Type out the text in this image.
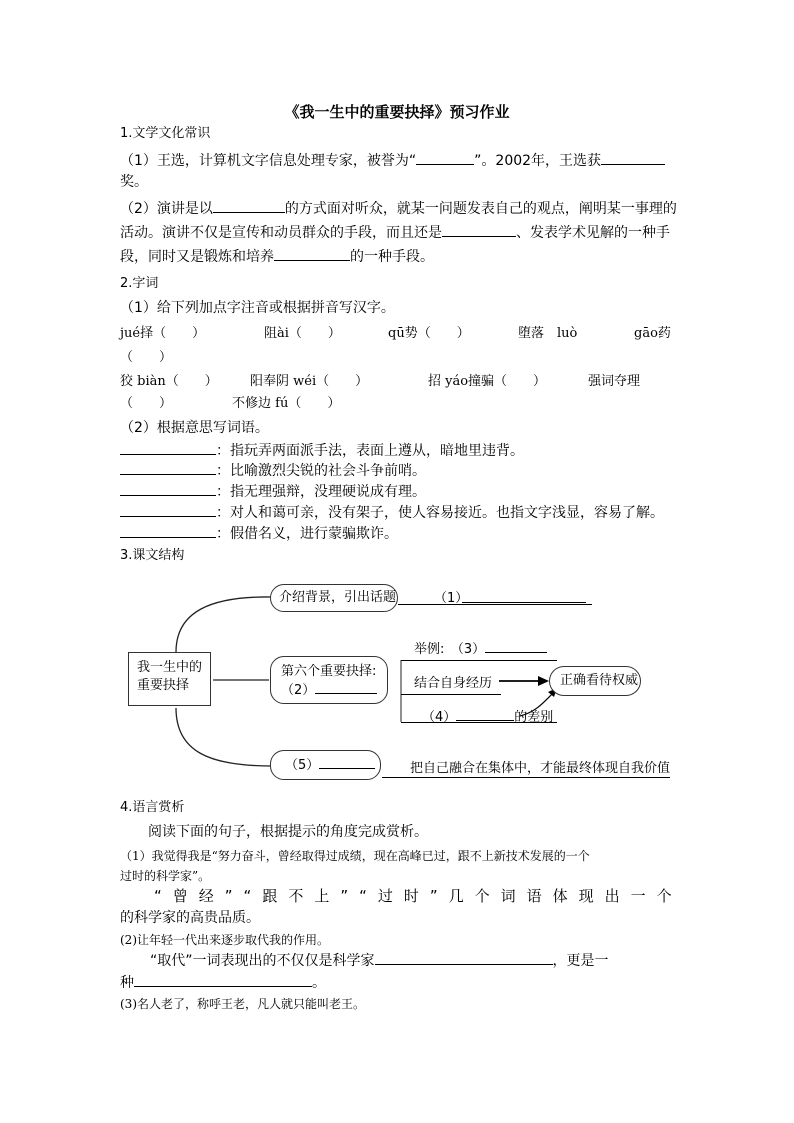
《我一生中的重要抉择》预习作业
1.文学文化常识
（1）王选，计算机文字信息处理专家，被誉为“	”。2002年，王选获
奖。
（2）演讲是以	的方式面对听众，就某一问题发表自己的观点，阐明某一事理的
活动。演讲不仅是宣传和动员群众的手段，而且还是	、发表学术见解的一种手
段，同时又是锻炼和培养	的一种手段。
2.字词
（1）给下列加点字注音或根据拼音写汉字。
jué择（　　）	阻ài（　　）	qū势（　　）	堕落　luò	gāo药
（　　）
狡 biàn（　　） 阳奉阴 wéi（　　）	招 yáo撞骗（　　）	强词夺理
（　　）	不修边 fú（　　）
（2）根据意思写词语。
：指玩弄两面派手法，表面上遵从，暗地里违背。
：比喻激烈尖锐的社会斗争前哨。
：指无理强辩，没理硬说成有理。
：对人和蔼可亲，没有架子，使人容易接近。也指文字浅显，容易了解。
：假借名义，进行蒙骗欺诈。
3.课文结构
我一生中的
重要抉择
介绍背景，引出话题	（1）
第六个重要抉择:
（2）
举例:　（3）
结合自身经历	正确看待权威
（4）	的差别
（5）	把自己融合在集体中，才能最终体现自我价值
4.语言赏析
阅读下面的句子，根据提示的角度完成赏析。
（1）我觉得我是“努力奋斗，曾经取得过成绩，现在高峰已过，跟不上新技术发展的一个
过时的科学家”。
“曾经”“跟不上”“过时”几个词语体现出一个
的科学家的高贵品质。
(2)让年轻一代出来逐步取代我的作用。
“取代”一词表现出的不仅仅是科学家	，更是一
种	。
(3)名人老了，称呼王老，凡人就只能叫老王。
